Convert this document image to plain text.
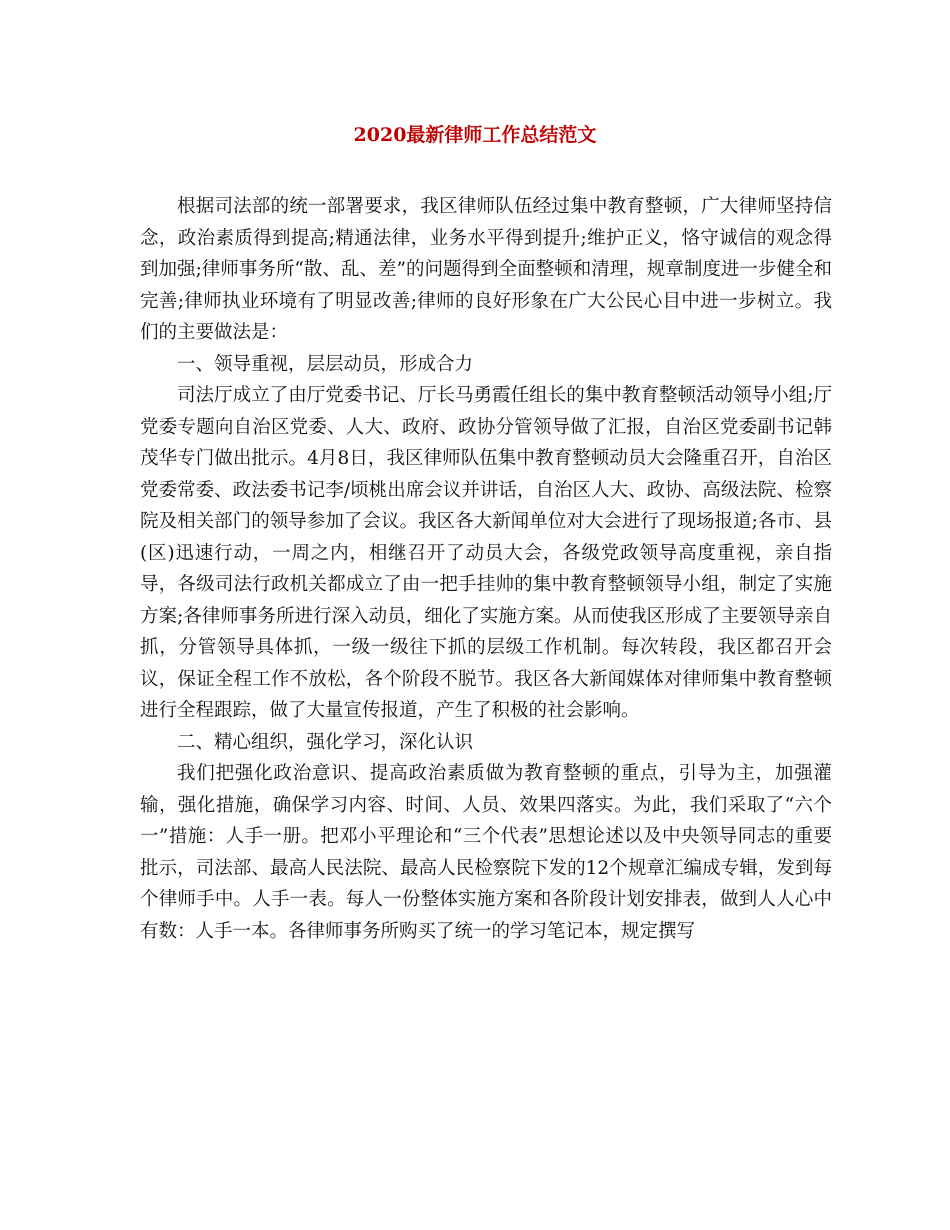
2020最新律师工作总结范文

根据司法部的统一部署要求，我区律师队伍经过集中教育整顿，广大律师坚持信念，政治素质得到提高;精通法律，业务水平得到提升;维护正义，恪守诚信的观念得到加强;律师事务所“散、乱、差”的问题得到全面整顿和清理，规章制度进一步健全和完善;律师执业环境有了明显改善;律师的良好形象在广大公民心目中进一步树立。我们的主要做法是：

一、领导重视，层层动员，形成合力

司法厅成立了由厅党委书记、厅长马勇霞任组长的集中教育整顿活动领导小组;厅党委专题向自治区党委、人大、政府、政协分管领导做了汇报，自治区党委副书记韩茂华专门做出批示。4月8日，我区律师队伍集中教育整顿动员大会隆重召开，自治区党委常委、政法委书记李/顷桃出席会议并讲话，自治区人大、政协、高级法院、检察院及相关部门的领导参加了会议。我区各大新闻单位对大会进行了现场报道;各市、县(区)迅速行动，一周之内，相继召开了动员大会，各级党政领导高度重视，亲自指导，各级司法行政机关都成立了由一把手挂帅的集中教育整顿领导小组，制定了实施方案;各律师事务所进行深入动员，细化了实施方案。从而使我区形成了主要领导亲自抓，分管领导具体抓，一级一级往下抓的层级工作机制。每次转段，我区都召开会议，保证全程工作不放松，各个阶段不脱节。我区各大新闻媒体对律师集中教育整顿进行全程跟踪，做了大量宣传报道，产生了积极的社会影响。

二、精心组织，强化学习，深化认识

我们把强化政治意识、提高政治素质做为教育整顿的重点，引导为主，加强灌输，强化措施，确保学习内容、时间、人员、效果四落实。为此，我们采取了“六个一”措施：人手一册。把邓小平理论和“三个代表”思想论述以及中央领导同志的重要批示，司法部、最高人民法院、最高人民检察院下发的12个规章汇编成专辑，发到每个律师手中。人手一表。每人一份整体实施方案和各阶段计划安排表，做到人人心中有数：人手一本。各律师事务所购买了统一的学习笔记本，规定撰写
